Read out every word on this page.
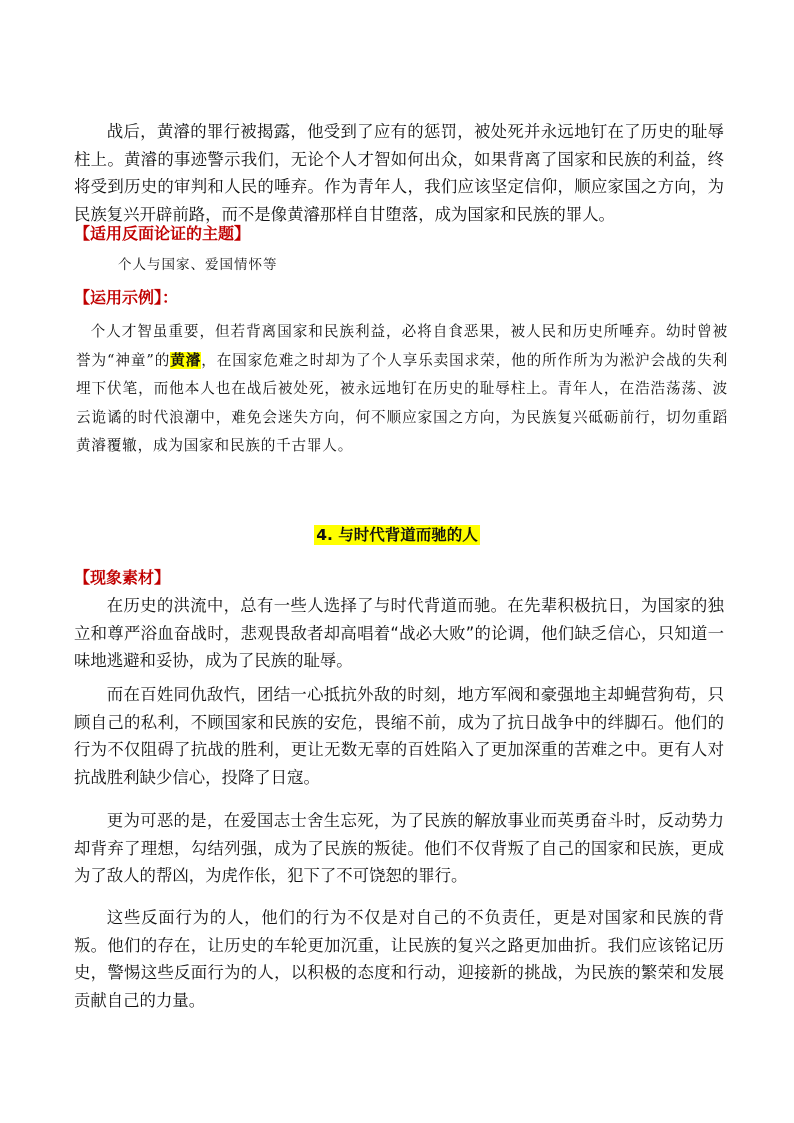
战后，黄濬的罪行被揭露，他受到了应有的惩罚，被处死并永远地钉在了历史的耻辱柱上。黄濬的事迹警示我们，无论个人才智如何出众，如果背离了国家和民族的利益，终将受到历史的审判和人民的唾弃。作为青年人，我们应该坚定信仰，顺应家国之方向，为民族复兴开辟前路，而不是像黄濬那样自甘堕落，成为国家和民族的罪人。

【适用反面论证的主题】
个人与国家、爱国情怀等
【运用示例】：

个人才智虽重要，但若背离国家和民族利益，必将自食恶果，被人民和历史所唾弃。幼时曾被誉为“神童”的黄濬，在国家危难之时却为了个人享乐卖国求荣，他的所作所为为淞沪会战的失利埋下伏笔，而他本人也在战后被处死，被永远地钉在历史的耻辱柱上。青年人，在浩浩荡荡、波云诡谲的时代浪潮中，难免会迷失方向，何不顺应家国之方向，为民族复兴砥砺前行，切勿重蹈黄濬覆辙，成为国家和民族的千古罪人。

4. 与时代背道而驰的人
【现象素材】

在历史的洪流中，总有一些人选择了与时代背道而驰。在先辈积极抗日，为国家的独立和尊严浴血奋战时，悲观畏敌者却高唱着“战必大败”的论调，他们缺乏信心，只知道一味地逃避和妥协，成为了民族的耻辱。

而在百姓同仇敌忾，团结一心抵抗外敌的时刻，地方军阀和豪强地主却蝇营狗苟，只顾自己的私利，不顾国家和民族的安危，畏缩不前，成为了抗日战争中的绊脚石。他们的行为不仅阻碍了抗战的胜利，更让无数无辜的百姓陷入了更加深重的苦难之中。更有人对抗战胜利缺少信心，投降了日寇。

更为可恶的是，在爱国志士舍生忘死，为了民族的解放事业而英勇奋斗时，反动势力却背弃了理想，勾结列强，成为了民族的叛徒。他们不仅背叛了自己的国家和民族，更成为了敌人的帮凶，为虎作伥，犯下了不可饶恕的罪行。

这些反面行为的人，他们的行为不仅是对自己的不负责任，更是对国家和民族的背叛。他们的存在，让历史的车轮更加沉重，让民族的复兴之路更加曲折。我们应该铭记历史，警惕这些反面行为的人，以积极的态度和行动，迎接新的挑战，为民族的繁荣和发展贡献自己的力量。
